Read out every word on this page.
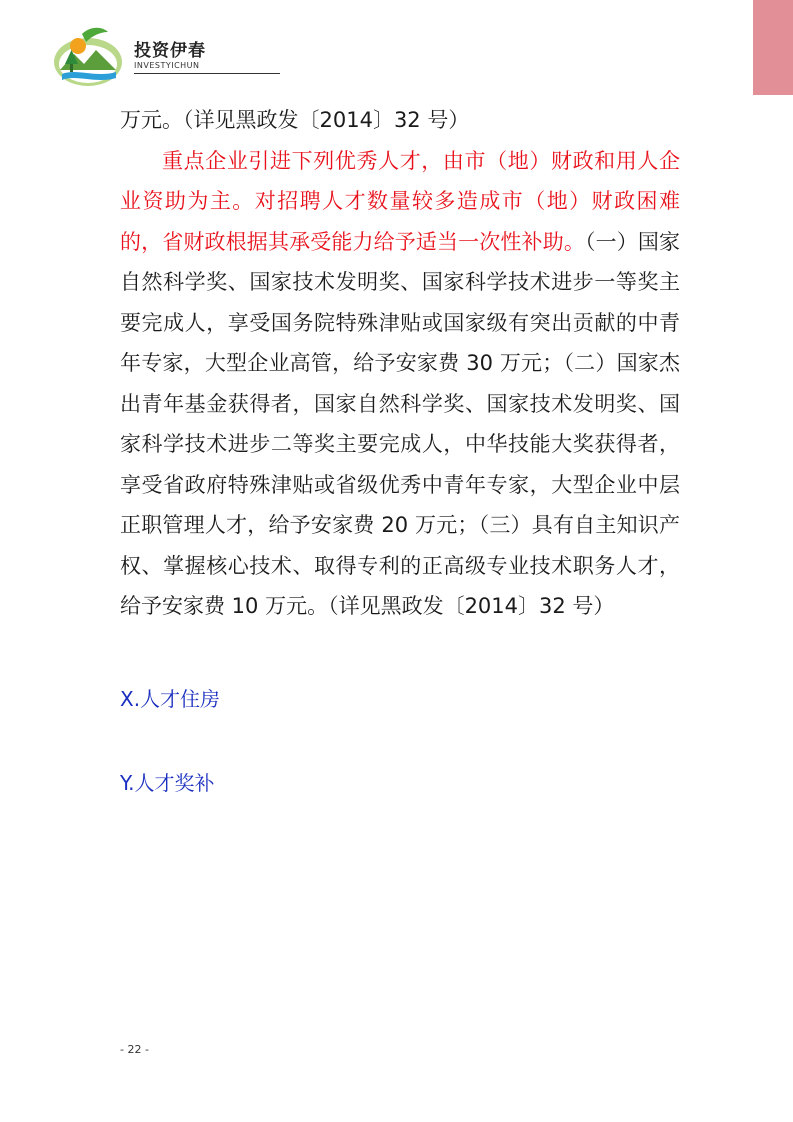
投资伊春
INVESTYICHUN

万元。（详见黑政发〔2014〕32 号）

重点企业引进下列优秀人才，由市（地）财政和用人企业资助为主。对招聘人才数量较多造成市（地）财政困难的，省财政根据其承受能力给予适当一次性补助。（一）国家自然科学奖、国家技术发明奖、国家科学技术进步一等奖主要完成人，享受国务院特殊津贴或国家级有突出贡献的中青年专家，大型企业高管，给予安家费 30 万元；（二）国家杰出青年基金获得者，国家自然科学奖、国家技术发明奖、国家科学技术进步二等奖主要完成人，中华技能大奖获得者，享受省政府特殊津贴或省级优秀中青年专家，大型企业中层正职管理人才，给予安家费 20 万元；（三）具有自主知识产权、掌握核心技术、取得专利的正高级专业技术职务人才，给予安家费 10 万元。（详见黑政发〔2014〕32 号）

X.人才住房
Y.人才奖补
- 22 -
